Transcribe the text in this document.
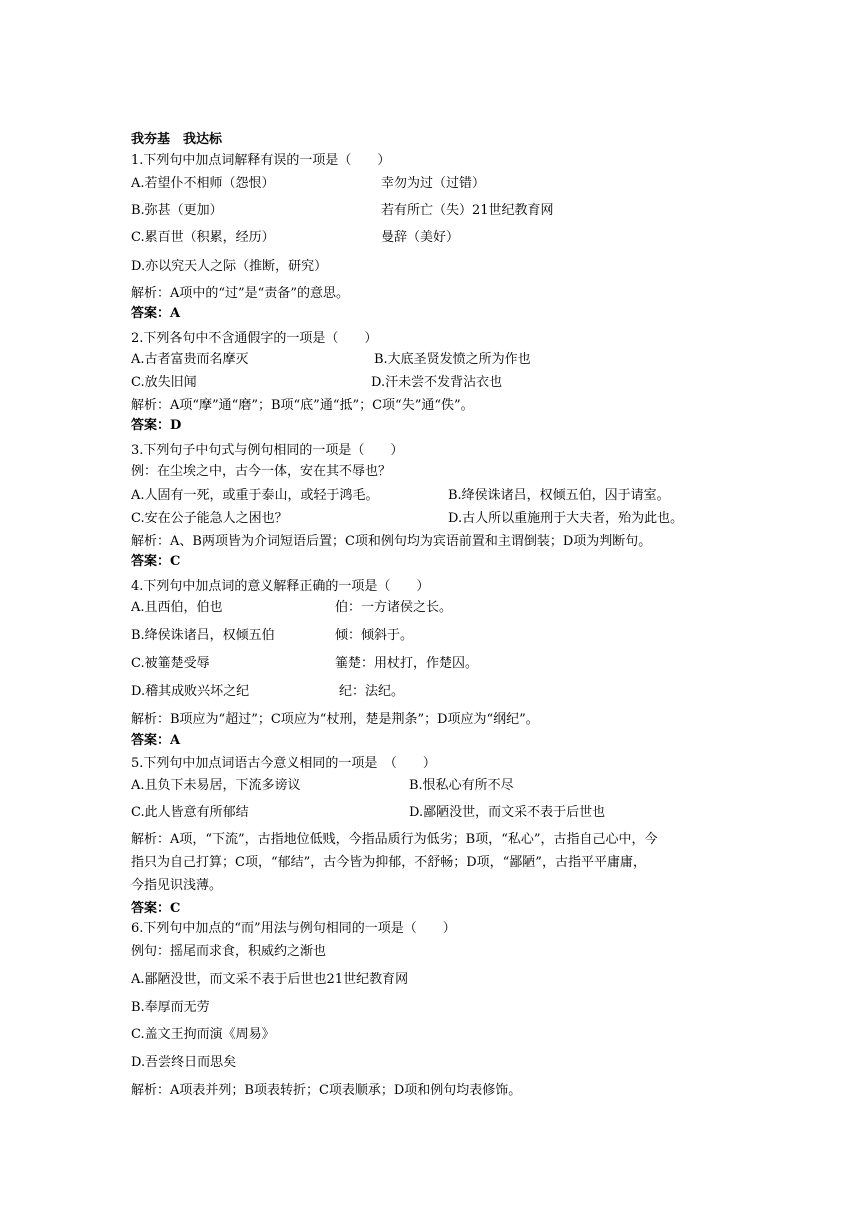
我夯基　我达标
1.下列句中加点词解释有误的一项是（　　）
A.若望仆不相师（怨恨）	幸勿为过（过错）
B.弥甚（更加）	若有所亡（失）21世纪教育网
C.累百世（积累，经历）	曼辞（美好）
D.亦以究天人之际（推断，研究）
解析：A项中的“过”是“责备”的意思。
答案：A
2.下列各句中不含通假字的一项是（　　）
A.古者富贵而名摩灭	B.大底圣贤发愤之所为作也
C.放失旧闻	D.汗未尝不发背沾衣也
解析：A项“摩”通“磨”；B项“底”通“抵”；C项“失”通“佚”。
答案：D
3.下列句子中句式与例句相同的一项是（　　）
例：在尘埃之中，古今一体，安在其不辱也？
A.人固有一死，或重于泰山，或轻于鸿毛。	B.绛侯诛诸吕，权倾五伯，囚于请室。
C.安在公子能急人之困也？	D.古人所以重施刑于大夫者，殆为此也。
解析：A、B两项皆为介词短语后置；C项和例句均为宾语前置和主谓倒装；D项为判断句。
答案：C
4.下列句中加点词的意义解释正确的一项是（　　）
A.且西伯，伯也	伯：一方诸侯之长。
B.绛侯诛诸吕，权倾五伯	倾：倾斜于。
C.被箠楚受辱	箠楚：用杖打，作楚囚。
D.稽其成败兴坏之纪	纪：法纪。
解析：B项应为“超过”；C项应为“杖刑，楚是荆条”；D项应为“纲纪”。
答案：A
5.下列句中加点词语古今意义相同的一项是　（　　）
A.且负下未易居，下流多谤议	B.恨私心有所不尽
C.此人皆意有所郁结	D.鄙陋没世，而文采不表于后世也
解析：A项，“下流”，古指地位低贱，今指品质行为低劣；B项，“私心”，古指自己心中，今
指只为自己打算；C项，“郁结”，古今皆为抑郁，不舒畅；D项，“鄙陋”，古指平平庸庸，
今指见识浅薄。
答案：C
6.下列句中加点的“而”用法与例句相同的一项是（　　）
例句：摇尾而求食，积威约之渐也
A.鄙陋没世，而文采不表于后世也21世纪教育网
B.奉厚而无劳
C.盖文王拘而演《周易》
D.吾尝终日而思矣
解析：A项表并列；B项表转折；C项表顺承；D项和例句均表修饰。
